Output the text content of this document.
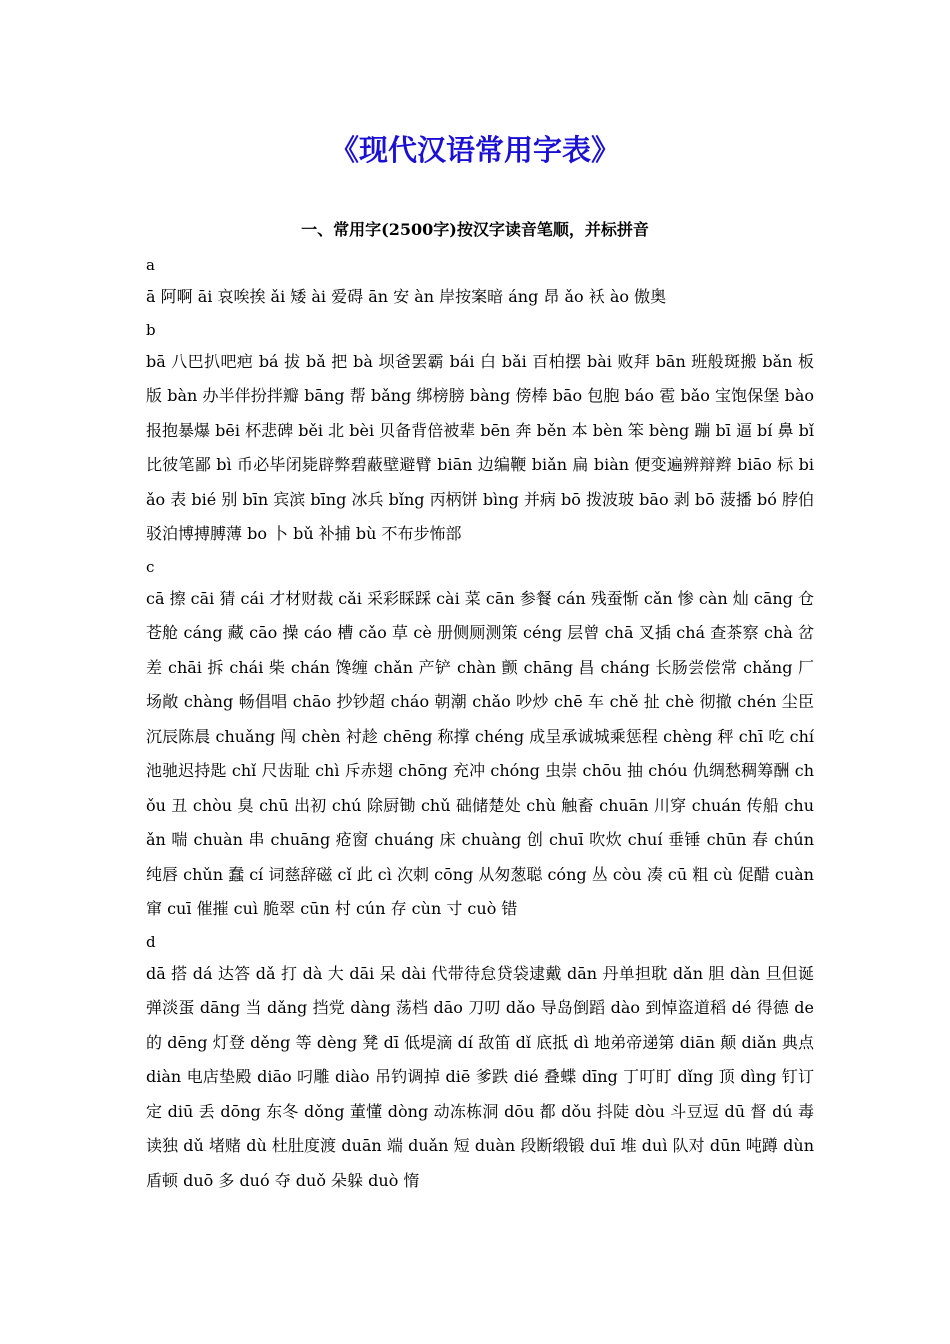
《现代汉语常用字表》
一、常用字(2500字)按汉字读音笔顺，并标拼音
a

ā 阿啊 āi 哀唉挨 ǎi 矮 ài 爱碍 ān 安 àn 岸按案暗 áng 昂 ǎo 袄 ào 傲奥

b

bā 八巴扒吧疤 bá 拔 bǎ 把 bà 坝爸罢霸 bái 白 bǎi 百柏摆 bài 败拜 bān 班般斑搬 bǎn 板版 bàn 办半伴扮拌瓣 bāng 帮 bǎng 绑榜膀 bàng 傍棒 bāo 包胞 báo 雹 bǎo 宝饱保堡 bào 报抱暴爆 bēi 杯悲碑 běi 北 bèi 贝备背倍被辈 bēn 奔 běn 本 bèn 笨 bèng 蹦 bī 逼 bí 鼻 bǐ 比彼笔鄙 bì 币必毕闭毙辟弊碧蔽壁避臂 biān 边编鞭 biǎn 扁 biàn 便变遍辨辩辫 biāo 标 biǎo 表 bié 别 bīn 宾滨 bīng 冰兵 bǐng 丙柄饼 bìng 并病 bō 拨波玻 bāo 剥 bō 菠播 bó 脖伯驳泊博搏膊薄 bo 卜 bǔ 补捕 bù 不布步怖部

c

cā 擦 cāi 猜 cái 才材财裁 cǎi 采彩睬踩 cài 菜 cān 参餐 cán 残蚕惭 cǎn 惨 càn 灿 cāng 仓苍舱 cáng 藏 cāo 操 cáo 槽 cǎo 草 cè 册侧厕测策 céng 层曾 chā 叉插 chá 查茶察 chà 岔差 chāi 拆 chái 柴 chán 馋缠 chǎn 产铲 chàn 颤 chāng 昌 cháng 长肠尝偿常 chǎng 厂场敞 chàng 畅倡唱 chāo 抄钞超 cháo 朝潮 chǎo 吵炒 chē 车 chě 扯 chè 彻撤 chén 尘臣沉辰陈晨 chuǎng 闯 chèn 衬趁 chēng 称撑 chéng 成呈承诚城乘惩程 chèng 秤 chī 吃 chí 池驰迟持匙 chǐ 尺齿耻 chì 斥赤翅 chōng 充冲 chóng 虫崇 chōu 抽 chóu 仇绸愁稠筹酬 chǒu 丑 chòu 臭 chū 出初 chú 除厨锄 chǔ 础储楚处 chù 触畜 chuān 川穿 chuán 传船 chuǎn 喘 chuàn 串 chuāng 疮窗 chuáng 床 chuàng 创 chuī 吹炊 chuí 垂锤 chūn 春 chún 纯唇 chǔn 蠢 cí 词慈辞磁 cǐ 此 cì 次刺 cōng 从匆葱聪 cóng 丛 còu 凑 cū 粗 cù 促醋 cuàn 窜 cuī 催摧 cuì 脆翠 cūn 村 cún 存 cùn 寸 cuò 错

d

dā 搭 dá 达答 dǎ 打 dà 大 dāi 呆 dài 代带待怠贷袋逮戴 dān 丹单担耽 dǎn 胆 dàn 旦但诞弹淡蛋 dāng 当 dǎng 挡党 dàng 荡档 dāo 刀叨 dǎo 导岛倒蹈 dào 到悼盗道稻 dé 得德 de 的 dēng 灯登 děng 等 dèng 凳 dī 低堤滴 dí 敌笛 dǐ 底抵 dì 地弟帝递第 diān 颠 diǎn 典点 diàn 电店垫殿 diāo 叼雕 diào 吊钓调掉 diē 爹跌 dié 叠蝶 dīng 丁叮盯 dǐng 顶 dìng 钉订定 diū 丢 dōng 东冬 dǒng 董懂 dòng 动冻栋洞 dōu 都 dǒu 抖陡 dòu 斗豆逗 dū 督 dú 毒读独 dǔ 堵赌 dù 杜肚度渡 duān 端 duǎn 短 duàn 段断缎锻 duī 堆 duì 队对 dūn 吨蹲 dùn 盾顿 duō 多 duó 夺 duǒ 朵躲 duò 惰
